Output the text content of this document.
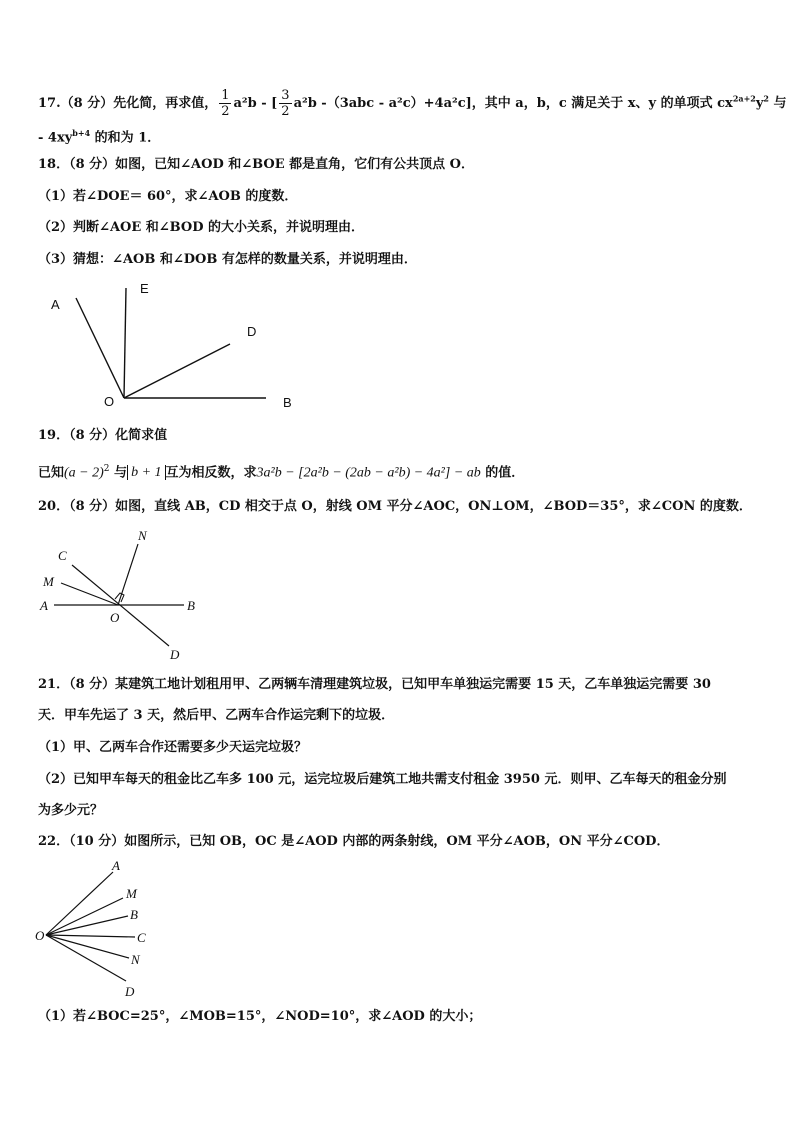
17.（8 分）先化简，再求值， $\frac{1}{2} a^2b$ - [ $\frac{3}{2} a^2b$ -（3abc - a²c）+4a²c]，其中 a，b，c 满足关于 x、y 的单项式 $cx^{2a+2}y^2$ 与
- $4xy^{b+4}$ 的和为 1．
18．（8 分）如图，已知∠AOD 和∠BOE 都是直角，它们有公共顶点 O．
（1）若∠DOE＝ 60°，求∠AOB 的度数．
（2）判断∠AOE 和∠BOD 的大小关系，并说明理由．
（3）猜想：∠AOB 和∠DOB 有怎样的数量关系，并说明理由．
A
E
D
O	B
19．（8 分）化简求值
已知$(a - 2)^2$ 与 b + 1 互为相反数，求3a²b − [2a²b − (2ab − a²b) − 4a²] − ab 的值．
20．（8 分）如图，直线 AB，CD 相交于点 O，射线 OM 平分∠AOC，ON⊥OM，∠BOD＝35°，求∠CON 的度数．
C
N
M
A
O
B
D
21．（8 分）某建筑工地计划租用甲、乙两辆车清理建筑垃圾，已知甲车单独运完需要 15 天，乙车单独运完需要 30
天．甲车先运了 3 天，然后甲、乙两车合作运完剩下的垃圾．
（1）甲、乙两车合作还需要多少天运完垃圾？
（2）已知甲车每天的租金比乙车多 100 元，运完垃圾后建筑工地共需支付租金 3950 元．则甲、乙车每天的租金分别
为多少元？
22．（10 分）如图所示，已知 OB，OC 是∠AOD 内部的两条射线，OM 平分∠AOB，ON 平分∠COD．
O
A
M
B
C
N
D
（1）若∠BOC=25°，∠MOB=15°，∠NOD=10°，求∠AOD 的大小；
